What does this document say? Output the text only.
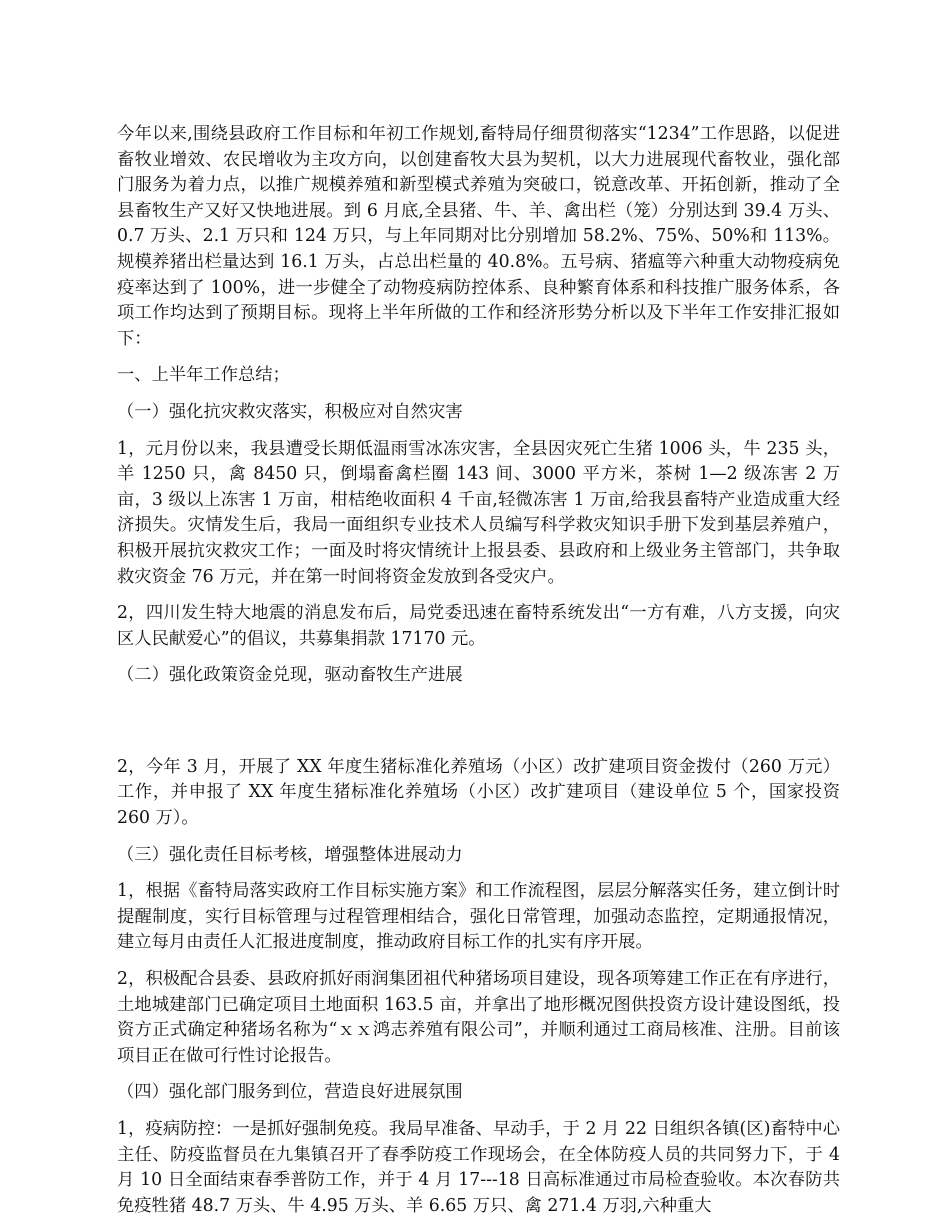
今年以来,围绕县政府工作目标和年初工作规划,畜特局仔细贯彻落实“1234”工作思路，以促进畜牧业增效、农民增收为主攻方向，以创建畜牧大县为契机，以大力进展现代畜牧业，强化部门服务为着力点，以推广规模养殖和新型模式养殖为突破口，锐意改革、开拓创新，推动了全县畜牧生产又好又快地进展。到 6 月底,全县猪、牛、羊、禽出栏（笼）分别达到 39.4 万头、0.7 万头、2.1 万只和 124 万只，与上年同期对比分别增加 58.2%、75%、50%和 113%。规模养猪出栏量达到 16.1 万头，占总出栏量的 40.8%。五号病、猪瘟等六种重大动物疫病免疫率达到了 100%，进一步健全了动物疫病防控体系、良种繁育体系和科技推广服务体系，各项工作均达到了预期目标。现将上半年所做的工作和经济形势分析以及下半年工作安排汇报如下：

一、上半年工作总结；

（一）强化抗灾救灾落实，积极应对自然灾害

1，元月份以来，我县遭受长期低温雨雪冰冻灾害，全县因灾死亡生猪 1006 头，牛 235 头，羊 1250 只，禽 8450 只，倒塌畜禽栏圈 143 间、3000 平方米，茶树 1—2 级冻害 2 万亩，3 级以上冻害 1 万亩，柑桔绝收面积 4 千亩,轻微冻害 1 万亩,给我县畜特产业造成重大经济损失。灾情发生后，我局一面组织专业技术人员编写科学救灾知识手册下发到基层养殖户，积极开展抗灾救灾工作；一面及时将灾情统计上报县委、县政府和上级业务主管部门，共争取救灾资金 76 万元，并在第一时间将资金发放到各受灾户。

2，四川发生特大地震的消息发布后，局党委迅速在畜特系统发出“一方有难，八方支援，向灾区人民献爱心”的倡议，共募集捐款 17170 元。

（二）强化政策资金兑现，驱动畜牧生产进展

2，今年 3 月，开展了 XX 年度生猪标准化养殖场（小区）改扩建项目资金拨付（260 万元）工作，并申报了 XX 年度生猪标准化养殖场（小区）改扩建项目（建设单位 5 个，国家投资 260 万）。

（三）强化责任目标考核，增强整体进展动力

1，根据《畜特局落实政府工作目标实施方案》和工作流程图，层层分解落实任务，建立倒计时提醒制度，实行目标管理与过程管理相结合，强化日常管理，加强动态监控，定期通报情况，建立每月由责任人汇报进度制度，推动政府目标工作的扎实有序开展。

2，积极配合县委、县政府抓好雨润集团祖代种猪场项目建设，现各项筹建工作正在有序进行，土地城建部门已确定项目土地面积 163.5 亩，并拿出了地形概况图供投资方设计建设图纸，投资方正式确定种猪场名称为“ｘｘ鸿志养殖有限公司”，并顺利通过工商局核准、注册。目前该项目正在做可行性讨论报告。

（四）强化部门服务到位，营造良好进展氛围

1，疫病防控：一是抓好强制免疫。我局早准备、早动手，于 2 月 22 日组织各镇(区)畜特中心主任、防疫监督员在九集镇召开了春季防疫工作现场会，在全体防疫人员的共同努力下，于 4 月 10 日全面结束春季普防工作，并于 4 月 17---18 日高标准通过市局检查验收。本次春防共免疫牲猪 48.7 万头、牛 4.95 万头、羊 6.65 万只、禽 271.4 万羽,六种重大
